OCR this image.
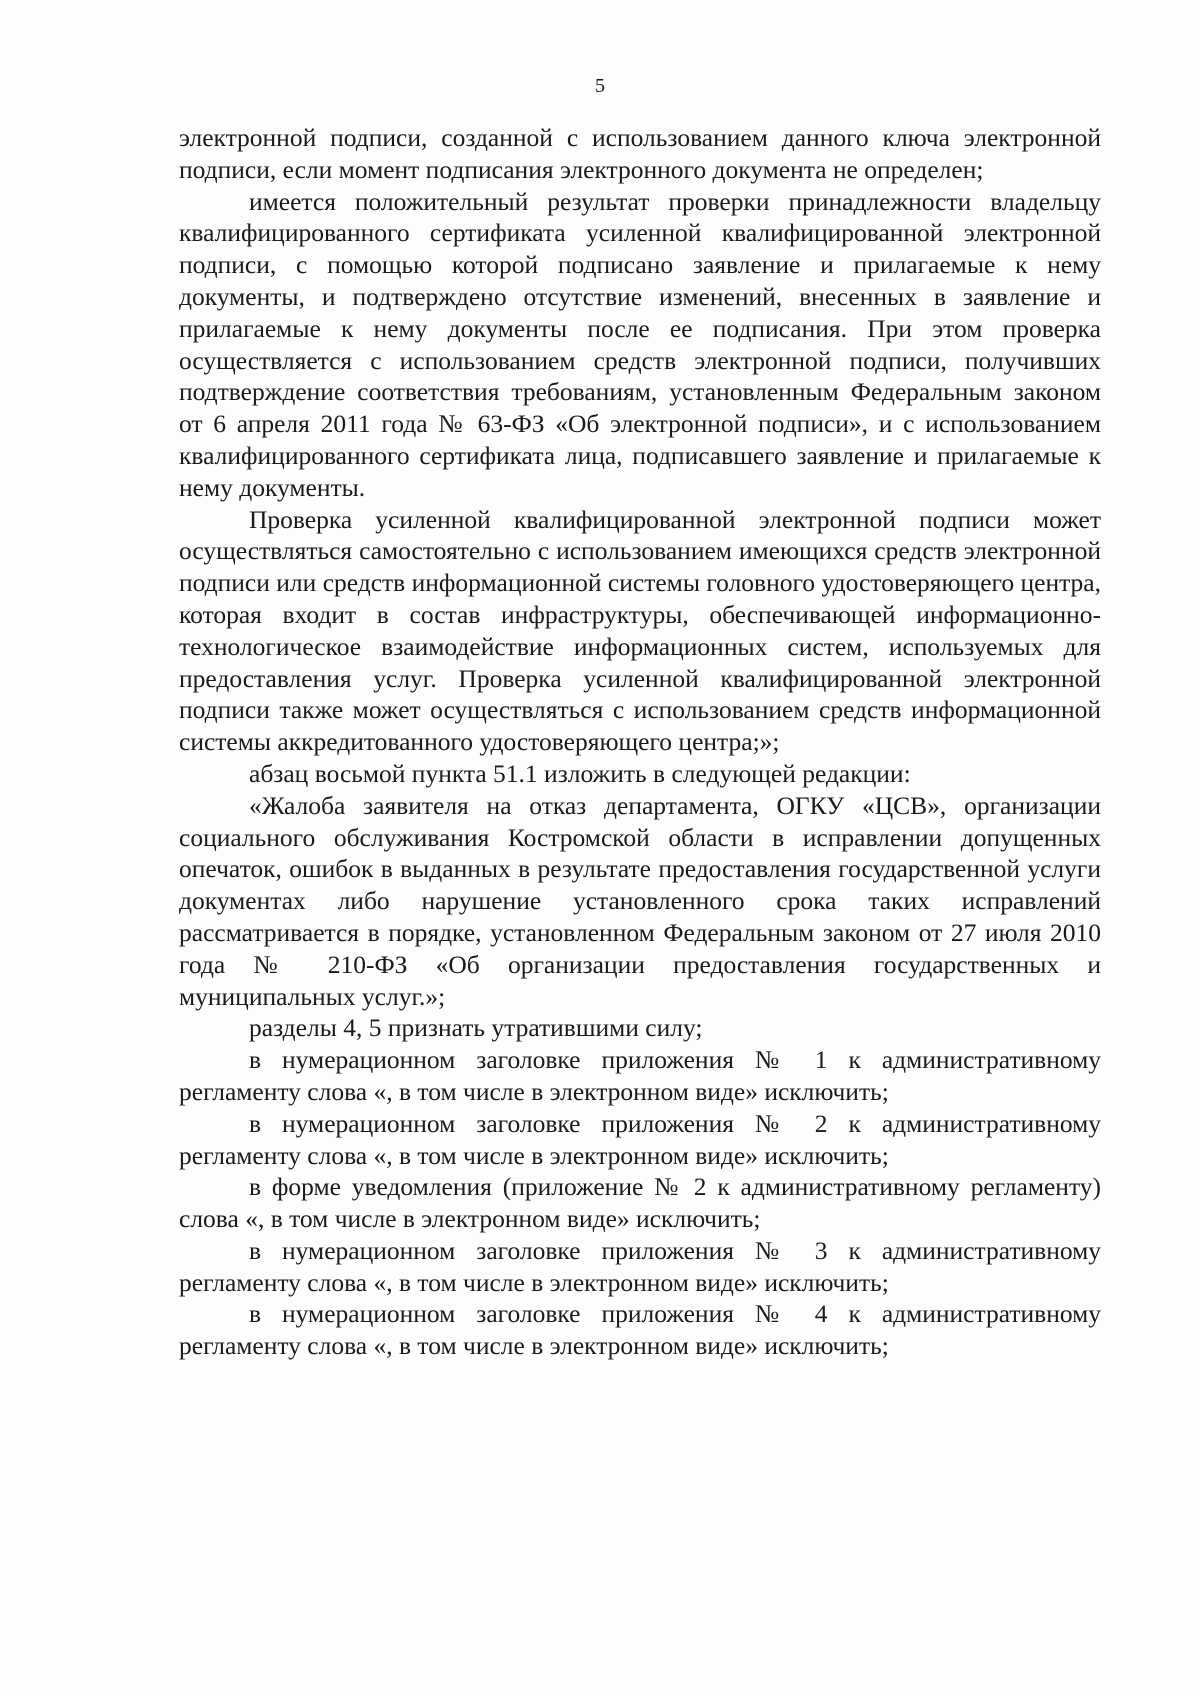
5

электронной подписи, созданной с использованием данного ключа электронной подписи, если момент подписания электронного документа не определен;

имеется положительный результат проверки принадлежности владельцу квалифицированного сертификата усиленной квалифицированной электронной подписи, с помощью которой подписано заявление и прилагаемые к нему документы, и подтверждено отсутствие изменений, внесенных в заявление и прилагаемые к нему документы после ее подписания. При этом проверка осуществляется с использованием средств электронной подписи, получивших подтверждение соответствия требованиям, установленным Федеральным законом от 6 апреля 2011 года № 63-ФЗ «Об электронной подписи», и с использованием квалифицированного сертификата лица, подписавшего заявление и прилагаемые к нему документы.

Проверка усиленной квалифицированной электронной подписи может осуществляться самостоятельно с использованием имеющихся средств электронной подписи или средств информационной системы головного удостоверяющего центра, которая входит в состав инфраструктуры, обеспечивающей информационно-технологическое взаимодействие информационных систем, используемых для предоставления услуг. Проверка усиленной квалифицированной электронной подписи также может осуществляться с использованием средств информационной системы аккредитованного удостоверяющего центра;»;

абзац восьмой пункта 51.1 изложить в следующей редакции:

«Жалоба заявителя на отказ департамента, ОГКУ «ЦСВ», организации социального обслуживания Костромской области в исправлении допущенных опечаток, ошибок в выданных в результате предоставления государственной услуги документах либо нарушение установленного срока таких исправлений рассматривается в порядке, установленном Федеральным законом от 27 июля 2010 года № 210-ФЗ «Об организации предоставления государственных и муниципальных услуг.»;

разделы 4, 5 признать утратившими силу;

в нумерационном заголовке приложения № 1 к административному регламенту слова «, в том числе в электронном виде» исключить;

в нумерационном заголовке приложения № 2 к административному регламенту слова «, в том числе в электронном виде» исключить;

в форме уведомления (приложение № 2 к административному регламенту) слова «, в том числе в электронном виде» исключить;

в нумерационном заголовке приложения № 3 к административному регламенту слова «, в том числе в электронном виде» исключить;

в нумерационном заголовке приложения № 4 к административному регламенту слова «, в том числе в электронном виде» исключить;
